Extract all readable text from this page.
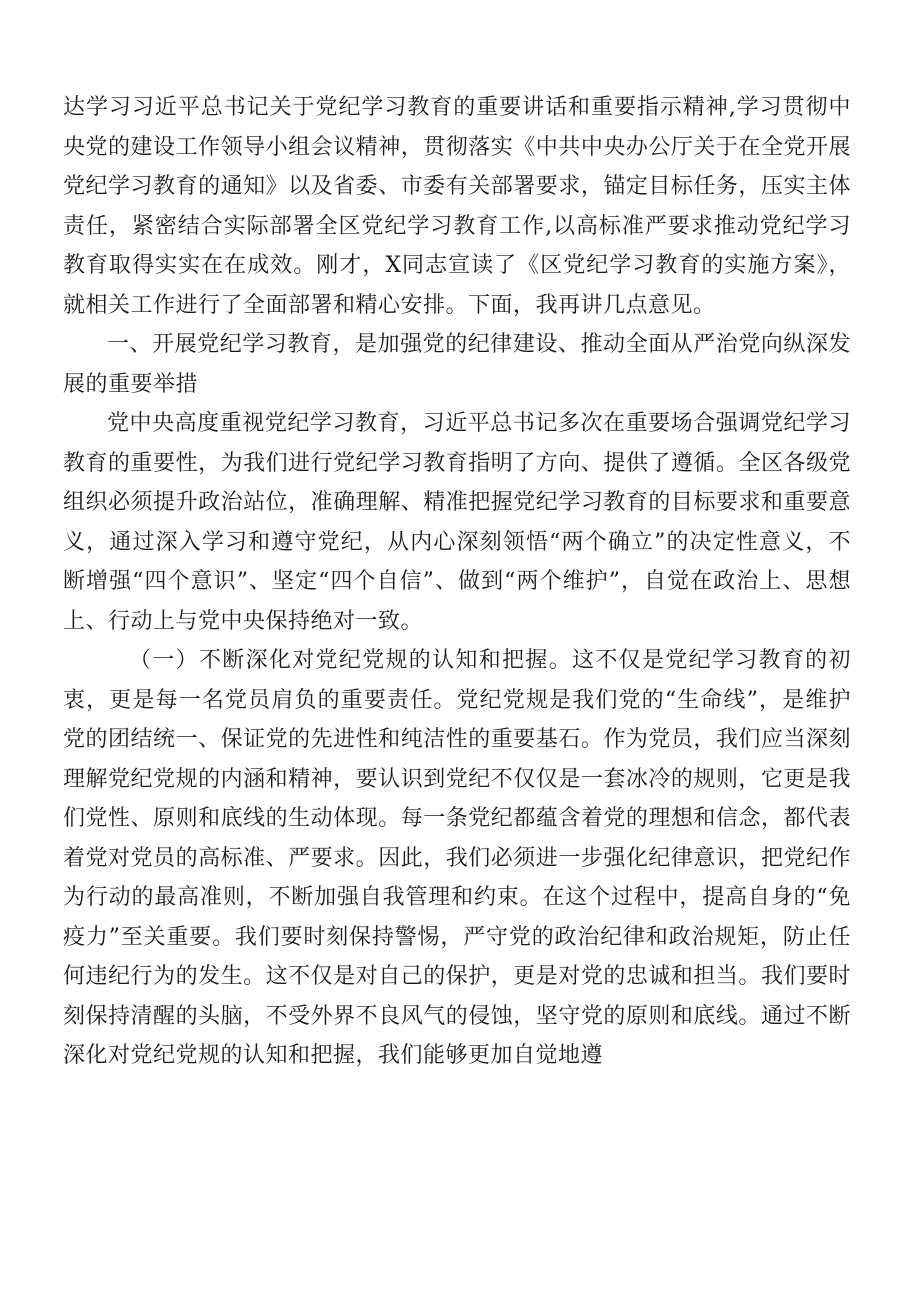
达学习习近平总书记关于党纪学习教育的重要讲话和重要指示精神,学习贯彻中央党的建设工作领导小组会议精神，贯彻落实《中共中央办公厅关于在全党开展党纪学习教育的通知》以及省委、市委有关部署要求，锚定目标任务，压实主体责任，紧密结合实际部署全区党纪学习教育工作,以高标准严要求推动党纪学习教育取得实实在在成效。刚才，X同志宣读了《区党纪学习教育的实施方案》，就相关工作进行了全面部署和精心安排。下面，我再讲几点意见。

一、开展党纪学习教育，是加强党的纪律建设、推动全面从严治党向纵深发展的重要举措

党中央高度重视党纪学习教育，习近平总书记多次在重要场合强调党纪学习教育的重要性，为我们进行党纪学习教育指明了方向、提供了遵循。全区各级党组织必须提升政治站位，准确理解、精准把握党纪学习教育的目标要求和重要意义，通过深入学习和遵守党纪，从内心深刻领悟“两个确立”的决定性意义，不断增强“四个意识”、坚定“四个自信”、做到“两个维护”，自觉在政治上、思想上、行动上与党中央保持绝对一致。

（一）不断深化对党纪党规的认知和把握。这不仅是党纪学习教育的初衷，更是每一名党员肩负的重要责任。党纪党规是我们党的“生命线”，是维护党的团结统一、保证党的先进性和纯洁性的重要基石。作为党员，我们应当深刻理解党纪党规的内涵和精神，要认识到党纪不仅仅是一套冰冷的规则，它更是我们党性、原则和底线的生动体现。每一条党纪都蕴含着党的理想和信念，都代表着党对党员的高标准、严要求。因此，我们必须进一步强化纪律意识，把党纪作为行动的最高准则，不断加强自我管理和约束。在这个过程中，提高自身的“免疫力”至关重要。我们要时刻保持警惕，严守党的政治纪律和政治规矩，防止任何违纪行为的发生。这不仅是对自己的保护，更是对党的忠诚和担当。我们要时刻保持清醒的头脑，不受外界不良风气的侵蚀，坚守党的原则和底线。通过不断深化对党纪党规的认知和把握，我们能够更加自觉地遵
